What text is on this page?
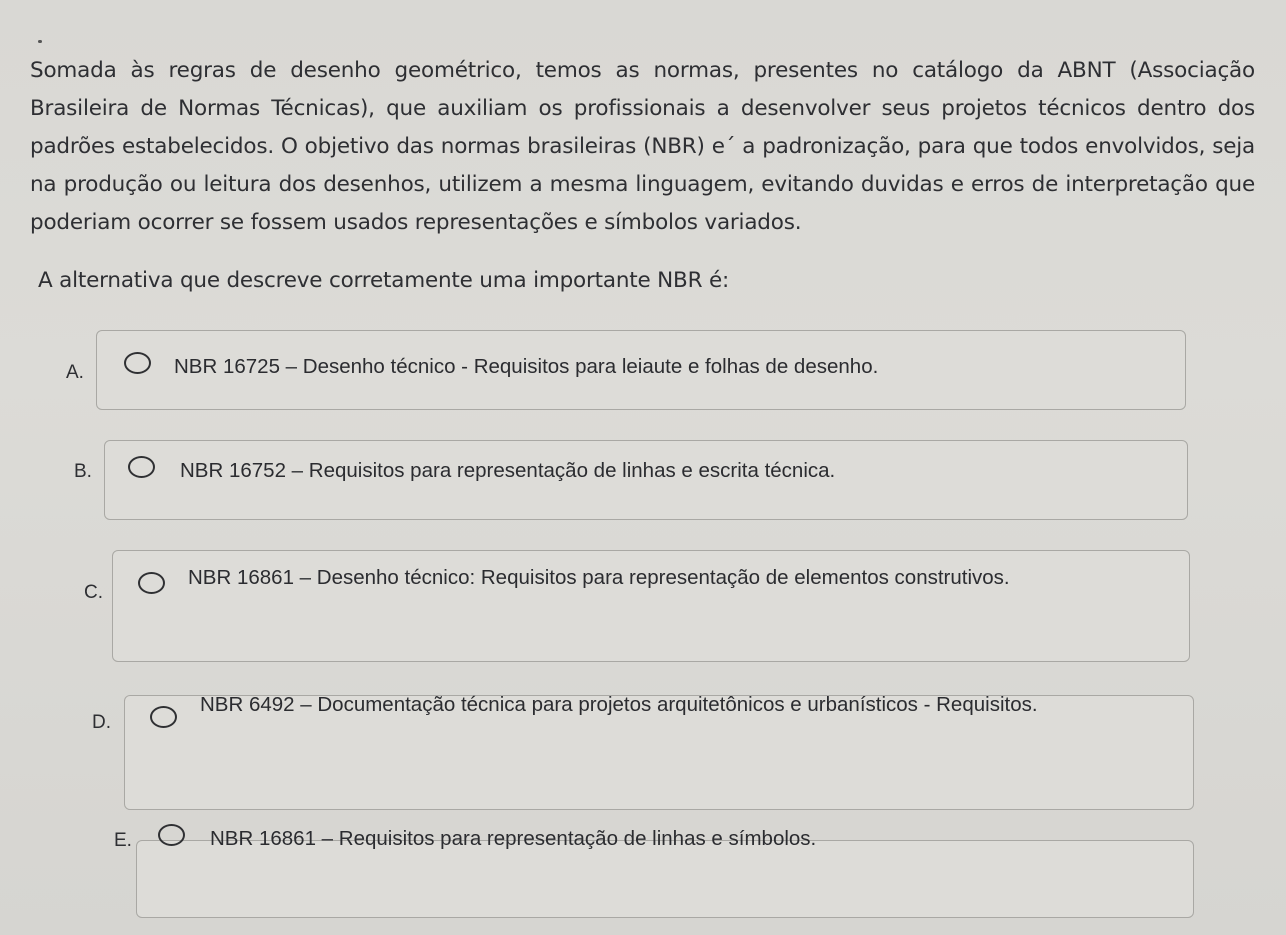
Somada às regras de desenho geométrico, temos as normas, presentes no catálogo da ABNT (Associação Brasileira de Normas Técnicas), que auxiliam os profissionais a desenvolver seus projetos técnicos dentro dos padrões estabelecidos. O objetivo das normas brasileiras (NBR) e´ a padronização, para que todos envolvidos, seja na produção ou leitura dos desenhos, utilizem a mesma linguagem, evitando duvidas e erros de interpretação que poderiam ocorrer se fossem usados representações e símbolos variados.

A alternativa que descreve corretamente uma importante NBR é:

A.	NBR 16725 – Desenho técnico - Requisitos para leiaute e folhas de desenho.
B.	NBR 16752 – Requisitos para representação de linhas e escrita técnica.
C.
NBR 16861 – Desenho técnico: Requisitos para representação de elementos construtivos.
D.
NBR 6492 – Documentação técnica para projetos arquitetônicos e urbanísticos - Requisitos.
E.	NBR 16861 – Requisitos para representação de linhas e símbolos.
